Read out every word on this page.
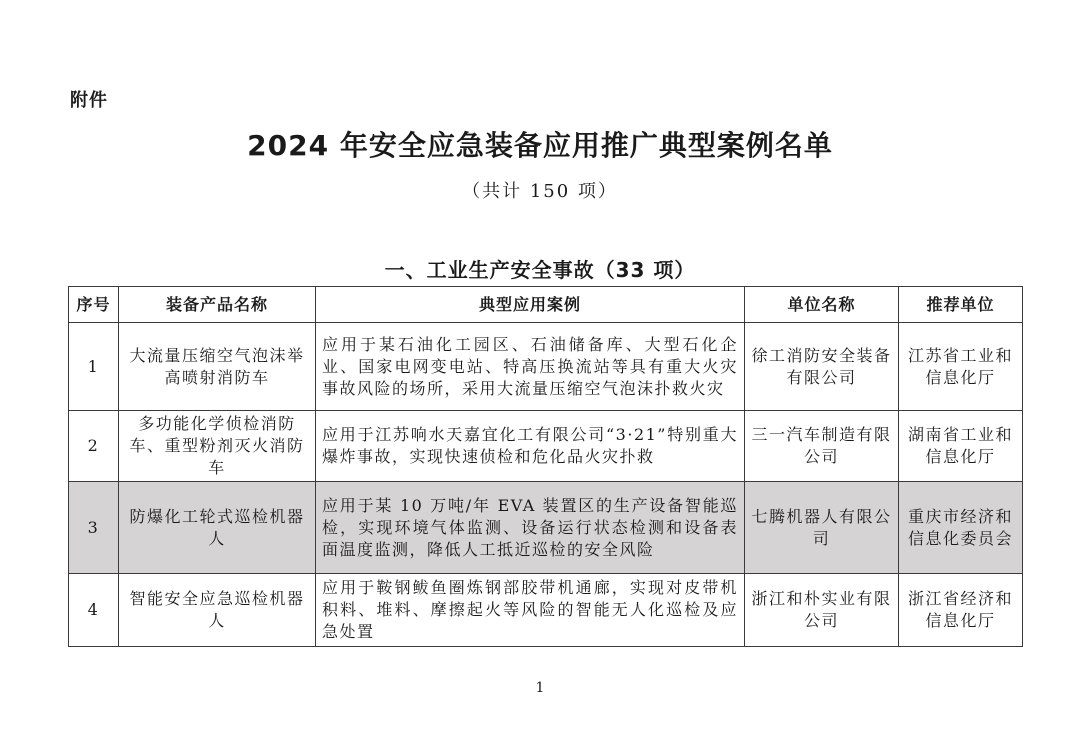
附件
2024 年安全应急装备应用推广典型案例名单
（共计 150 项）
一、工业生产安全事故（33 项）
序号	装备产品名称	典型应用案例	单位名称	推荐单位
1	大流量压缩空气泡沫举高喷射消防车	应用于某石油化工园区、石油储备库、大型石化企业、国家电网变电站、特高压换流站等具有重大火灾事故风险的场所，采用大流量压缩空气泡沫扑救火灾	徐工消防安全装备有限公司	江苏省工业和信息化厅
2	多功能化学侦检消防车、重型粉剂灭火消防车	应用于江苏响水天嘉宜化工有限公司“3·21”特别重大爆炸事故，实现快速侦检和危化品火灾扑救	三一汽车制造有限公司	湖南省工业和信息化厅
3	防爆化工轮式巡检机器人	应用于某 10 万吨/年 EVA 装置区的生产设备智能巡检，实现环境气体监测、设备运行状态检测和设备表面温度监测，降低人工抵近巡检的安全风险	七腾机器人有限公司	重庆市经济和信息化委员会
4	智能安全应急巡检机器人	应用于鞍钢鲅鱼圈炼钢部胶带机通廊，实现对皮带机积料、堆料、摩擦起火等风险的智能无人化巡检及应急处置	浙江和朴实业有限公司	浙江省经济和信息化厅
1
